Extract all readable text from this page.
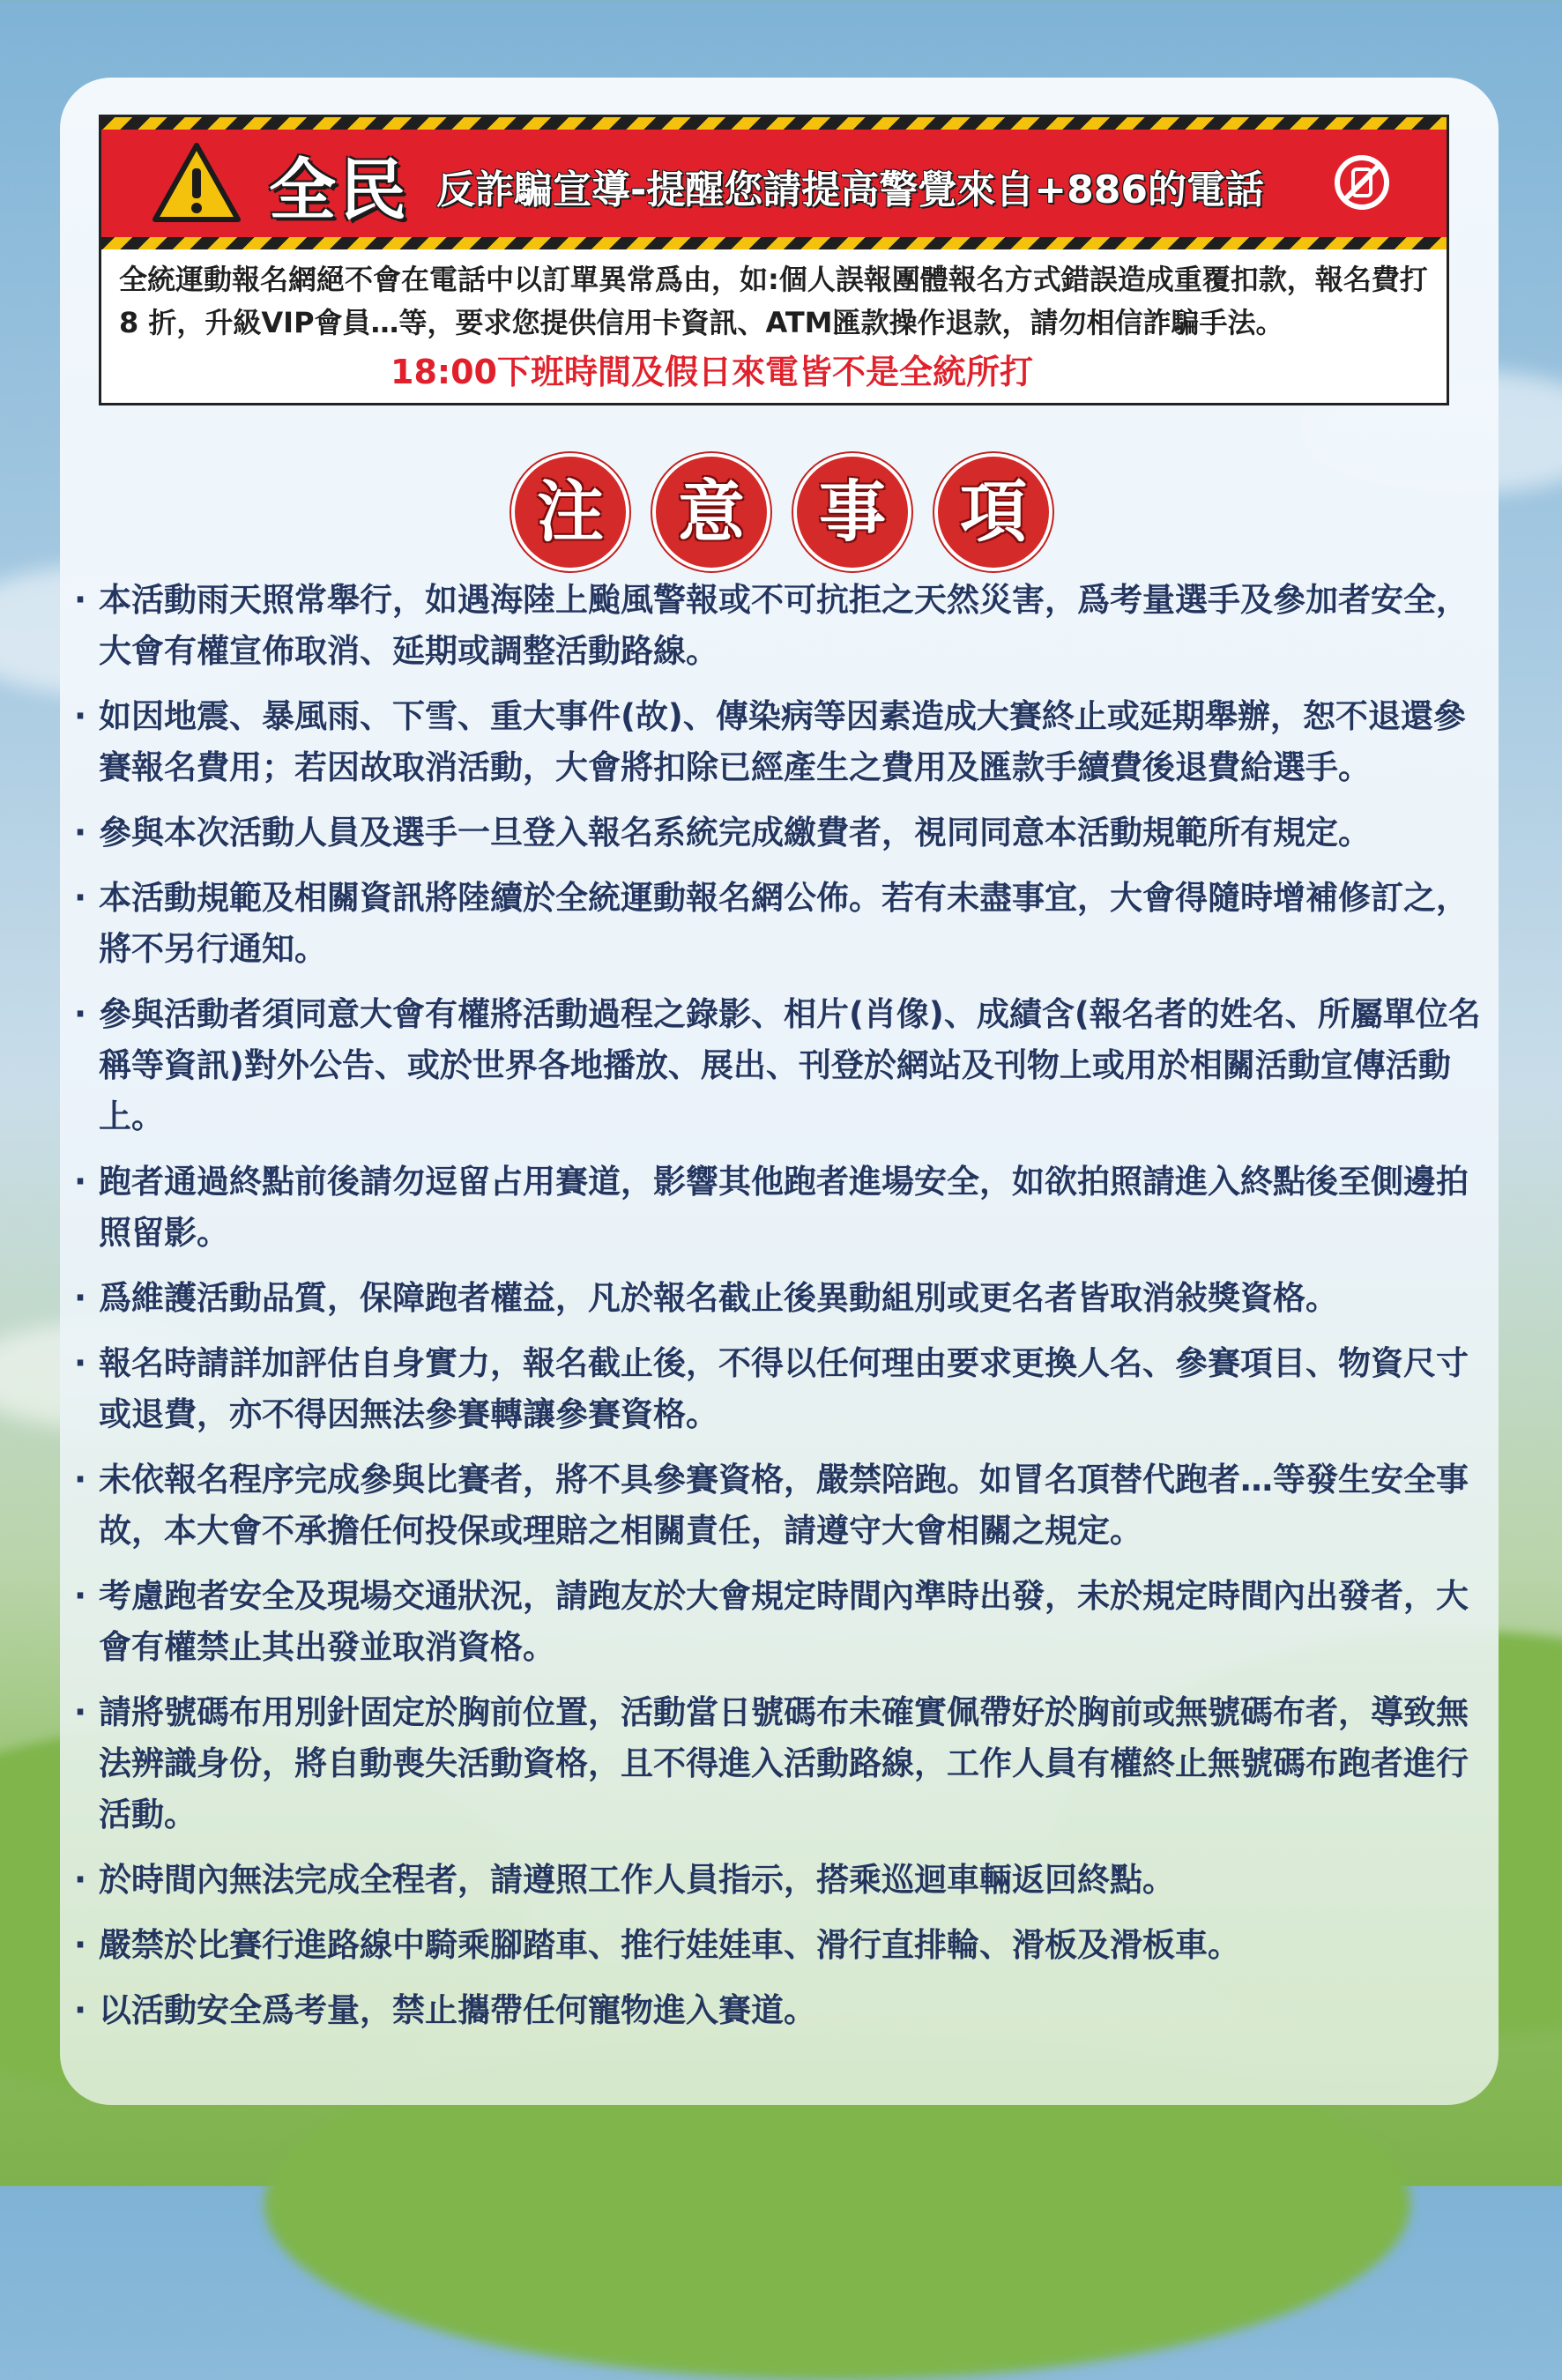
全民 反詐騙宣導-提醒您請提高警覺來自+886的電話
全統運動報名網絕不會在電話中以訂單異常爲由，如:個人誤報團體報名方式錯誤造成重覆扣款，報名費打 8 折，升級VIP會員…等，要求您提供信用卡資訊、ATM匯款操作退款，請勿相信詐騙手法。
18:00下班時間及假日來電皆不是全統所打
注 意 事 項
· 本活動雨天照常舉行，如遇海陸上颱風警報或不可抗拒之天然災害，爲考量選手及參加者安全，大會有權宣佈取消、延期或調整活動路線。
· 如因地震、暴風雨、下雪、重大事件(故)、傳染病等因素造成大賽終止或延期舉辦，恕不退還參賽報名費用；若因故取消活動，大會將扣除已經產生之費用及匯款手續費後退費給選手。
· 參與本次活動人員及選手一旦登入報名系統完成繳費者，視同同意本活動規範所有規定。
· 本活動規範及相關資訊將陸續於全統運動報名網公佈。若有未盡事宜，大會得隨時增補修訂之，將不另行通知。
· 參與活動者須同意大會有權將活動過程之錄影、相片(肖像)、成績含(報名者的姓名、所屬單位名稱等資訊)對外公告、或於世界各地播放、展出、刊登於網站及刊物上或用於相關活動宣傳活動上。
· 跑者通過終點前後請勿逗留占用賽道，影響其他跑者進場安全，如欲拍照請進入終點後至側邊拍照留影。
· 爲維護活動品質，保障跑者權益，凡於報名截止後異動組別或更名者皆取消敍獎資格。
· 報名時請詳加評估自身實力，報名截止後，不得以任何理由要求更換人名、參賽項目、物資尺寸或退費，亦不得因無法參賽轉讓參賽資格。
· 未依報名程序完成參與比賽者，將不具參賽資格，嚴禁陪跑。如冒名頂替代跑者…等發生安全事故，本大會不承擔任何投保或理賠之相關責任，請遵守大會相關之規定。
· 考慮跑者安全及現場交通狀況，請跑友於大會規定時間內準時出發，未於規定時間內出發者，大會有權禁止其出發並取消資格。
· 請將號碼布用別針固定於胸前位置，活動當日號碼布未確實佩帶好於胸前或無號碼布者，導致無法辨識身份，將自動喪失活動資格，且不得進入活動路線，工作人員有權終止無號碼布跑者進行活動。
· 於時間內無法完成全程者，請遵照工作人員指示，搭乘巡迴車輛返回終點。
· 嚴禁於比賽行進路線中騎乘腳踏車、推行娃娃車、滑行直排輪、滑板及滑板車。
· 以活動安全爲考量，禁止攜帶任何寵物進入賽道。
